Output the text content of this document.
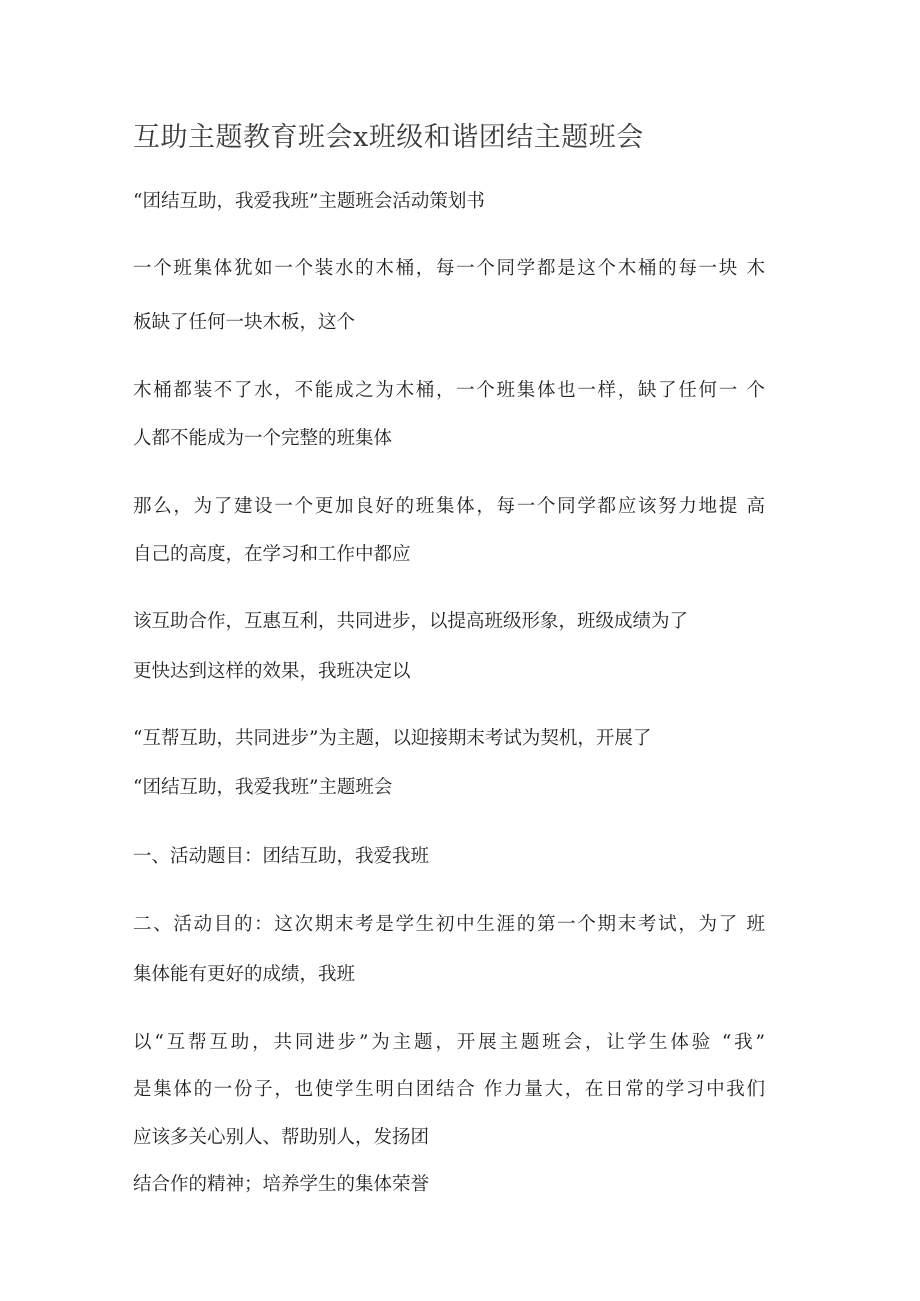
互助主题教育班会x班级和谐团结主题班会
“团结互助，我爱我班”主题班会活动策划书
一个班集体犹如一个装水的木桶，每一个同学都是这个木桶的每一块 木
板缺了任何一块木板，这个
木桶都装不了水，不能成之为木桶，一个班集体也一样，缺了任何一 个
人都不能成为一个完整的班集体
那么，为了建设一个更加良好的班集体，每一个同学都应该努力地提 高
自己的高度，在学习和工作中都应
该互助合作，互惠互利，共同进步，以提高班级形象，班级成绩为了
更快达到这样的效果，我班决定以
“互帮互助，共同进步”为主题，以迎接期末考试为契机，开展了
“团结互助，我爱我班”主题班会
一、活动题目：团结互助，我爱我班
二、活动目的：这次期末考是学生初中生涯的第一个期末考试，为了 班
集体能有更好的成绩，我班
以“互帮互助，共同进步”为主题，开展主题班会，让学生体验 “我”
是集体的一份子，也使学生明白团结合 作力量大，在日常的学习中我们
应该多关心别人、帮助别人，发扬团
结合作的精神；培养学生的集体荣誉
